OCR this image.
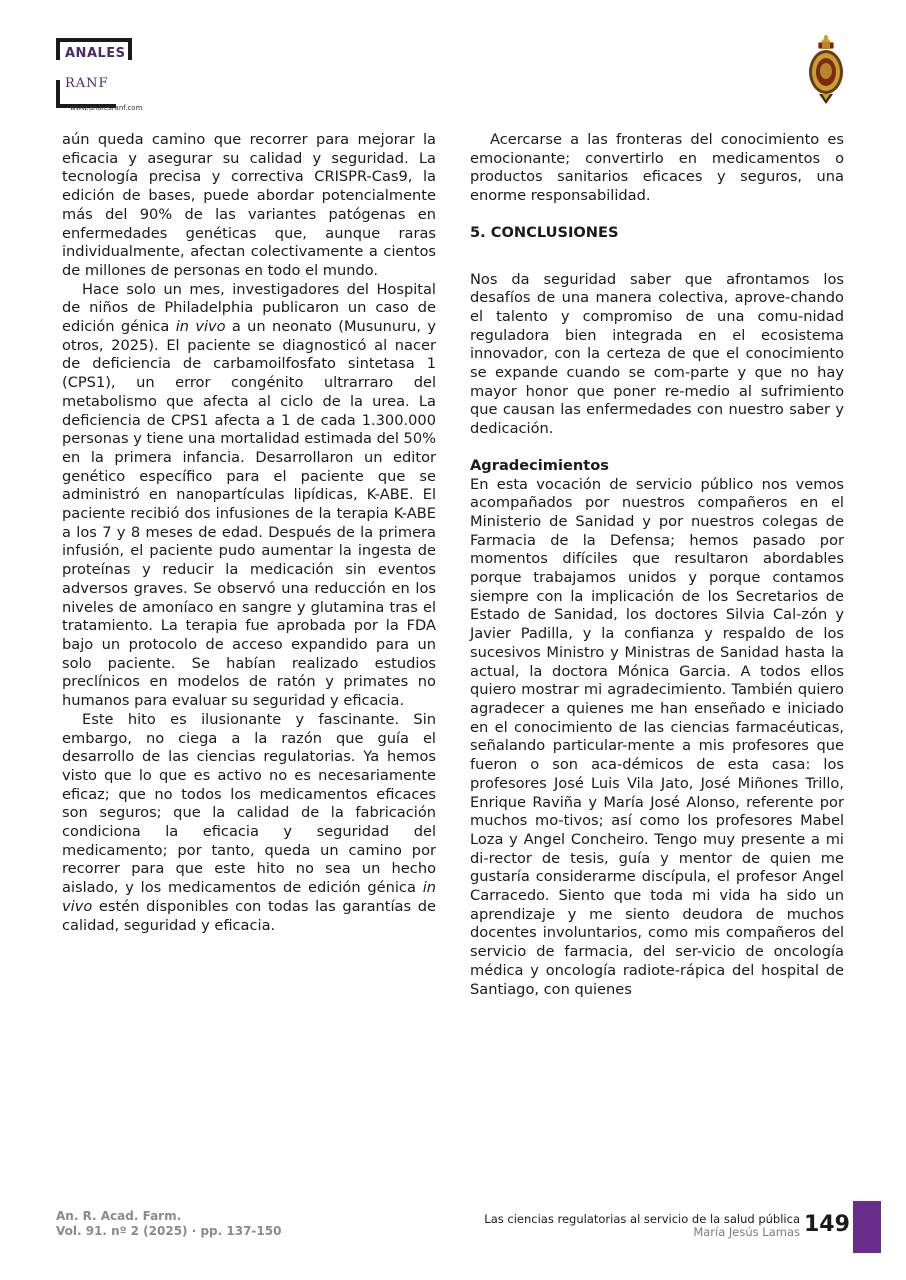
ANALES
RANF
www.analesranf.com

aún queda camino que recorrer para mejorar la eficacia y asegurar su calidad y seguridad. La tecnología precisa y correctiva CRISPR-Cas9, la edición de bases, puede abordar potencialmente más del 90% de las variantes patógenas en enfermedades genéticas que, aunque raras individualmente, afectan colectivamente a cientos de millones de personas en todo el mundo.

Hace solo un mes, investigadores del Hospital de niños de Philadelphia publicaron un caso de edición génica in vivo a un neonato (Musunuru, y otros, 2025). El paciente se diagnosticó al nacer de deficiencia de carbamoilfosfato sintetasa 1 (CPS1), un error congénito ultrarraro del metabolismo que afecta al ciclo de la urea. La deficiencia de CPS1 afecta a 1 de cada 1.300.000 personas y tiene una mortalidad estimada del 50% en la primera infancia. Desarrollaron un editor genético específico para el paciente que se administró en nanopartículas lipídicas, K-ABE. El paciente recibió dos infusiones de la terapia K-ABE a los 7 y 8 meses de edad. Después de la primera infusión, el paciente pudo aumentar la ingesta de proteínas y reducir la medicación sin eventos adversos graves. Se observó una reducción en los niveles de amoníaco en sangre y glutamina tras el tratamiento. La terapia fue aprobada por la FDA bajo un protocolo de acceso expandido para un solo paciente. Se habían realizado estudios preclínicos en modelos de ratón y primates no humanos para evaluar su seguridad y eficacia.

Este hito es ilusionante y fascinante. Sin embargo, no ciega a la razón que guía el desarrollo de las ciencias regulatorias. Ya hemos visto que lo que es activo no es necesariamente eficaz; que no todos los medicamentos eficaces son seguros; que la calidad de la fabricación condiciona la eficacia y seguridad del medicamento; por tanto, queda un camino por recorrer para que este hito no sea un hecho aislado, y los medicamentos de edición génica in vivo estén disponibles con todas las garantías de calidad, seguridad y eficacia.

Acercarse a las fronteras del conocimiento es emocionante; convertirlo en medicamentos o productos sanitarios eficaces y seguros, una enorme responsabilidad.

5. CONCLUSIONES

Nos da seguridad saber que afrontamos los desafíos de una manera colectiva, aprove-chando el talento y compromiso de una comu-nidad reguladora bien integrada en el ecosistema innovador, con la certeza de que el conocimiento se expande cuando se com-parte y que no hay mayor honor que poner re-medio al sufrimiento que causan las enfermedades con nuestro saber y dedicación.

Agradecimientos

En esta vocación de servicio público nos vemos acompañados por nuestros compañeros en el Ministerio de Sanidad y por nuestros colegas de Farmacia de la Defensa; hemos pasado por momentos difíciles que resultaron abordables porque trabajamos unidos y porque contamos siempre con la implicación de los Secretarios de Estado de Sanidad, los doctores Silvia Cal-zón y Javier Padilla, y la confianza y respaldo de los sucesivos Ministro y Ministras de Sanidad hasta la actual, la doctora Mónica Garcia. A todos ellos quiero mostrar mi agradecimiento. También quiero agradecer a quienes me han enseñado e iniciado en el conocimiento de las ciencias farmacéuticas, señalando particular-mente a mis profesores que fueron o son aca-démicos de esta casa: los profesores José Luis Vila Jato, José Miñones Trillo, Enrique Raviña y María José Alonso, referente por muchos mo-tivos; así como los profesores Mabel Loza y Angel Concheiro. Tengo muy presente a mi di-rector de tesis, guía y mentor de quien me gustaría considerarme discípula, el profesor Angel Carracedo. Siento que toda mi vida ha sido un aprendizaje y me siento deudora de muchos docentes involuntarios, como mis compañeros del servicio de farmacia, del ser-vicio de oncología médica y oncología radiote-rápica del hospital de Santiago, con quienes

An. R. Acad. Farm.
Vol. 91. nº 2 (2025) · pp. 137-150
Las ciencias regulatorias al servicio de la salud pública
María Jesús Lamas 149
